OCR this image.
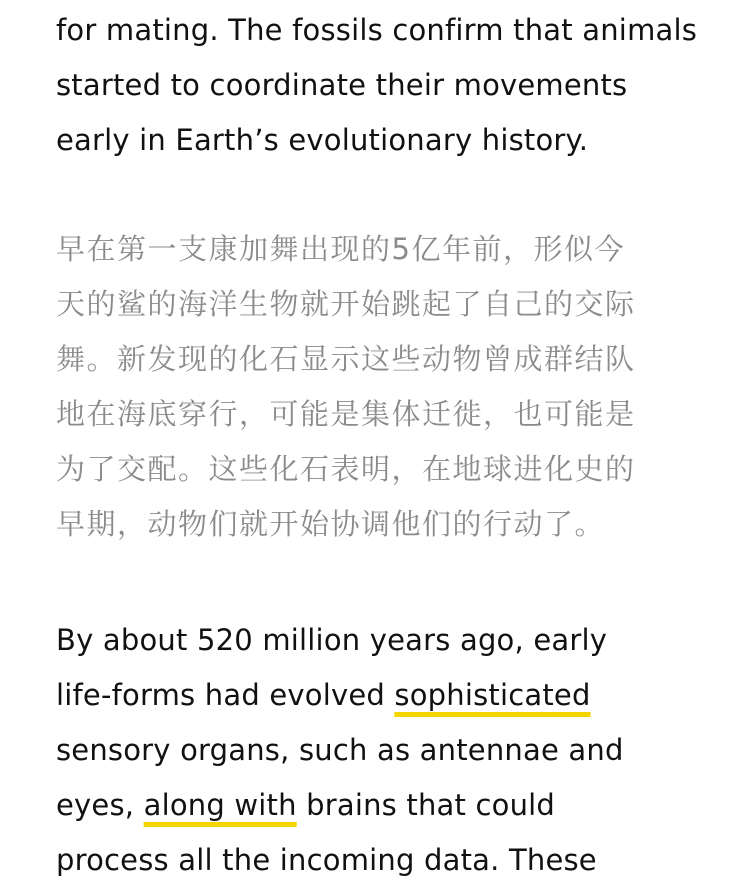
for mating. The fossils confirm that animals
started to coordinate their movements
early in Earth’s evolutionary history.

早在第一支康加舞出现的5亿年前，形似今
天的鲨的海洋生物就开始跳起了自己的交际
舞。新发现的化石显示这些动物曾成群结队
地在海底穿行，可能是集体迁徙，也可能是
为了交配。这些化石表明，在地球进化史的
早期，动物们就开始协调他们的行动了。

By about 520 million years ago, early
life-forms had evolved sophisticated
sensory organs, such as antennae and
eyes, along with brains that could
process all the incoming data. These
